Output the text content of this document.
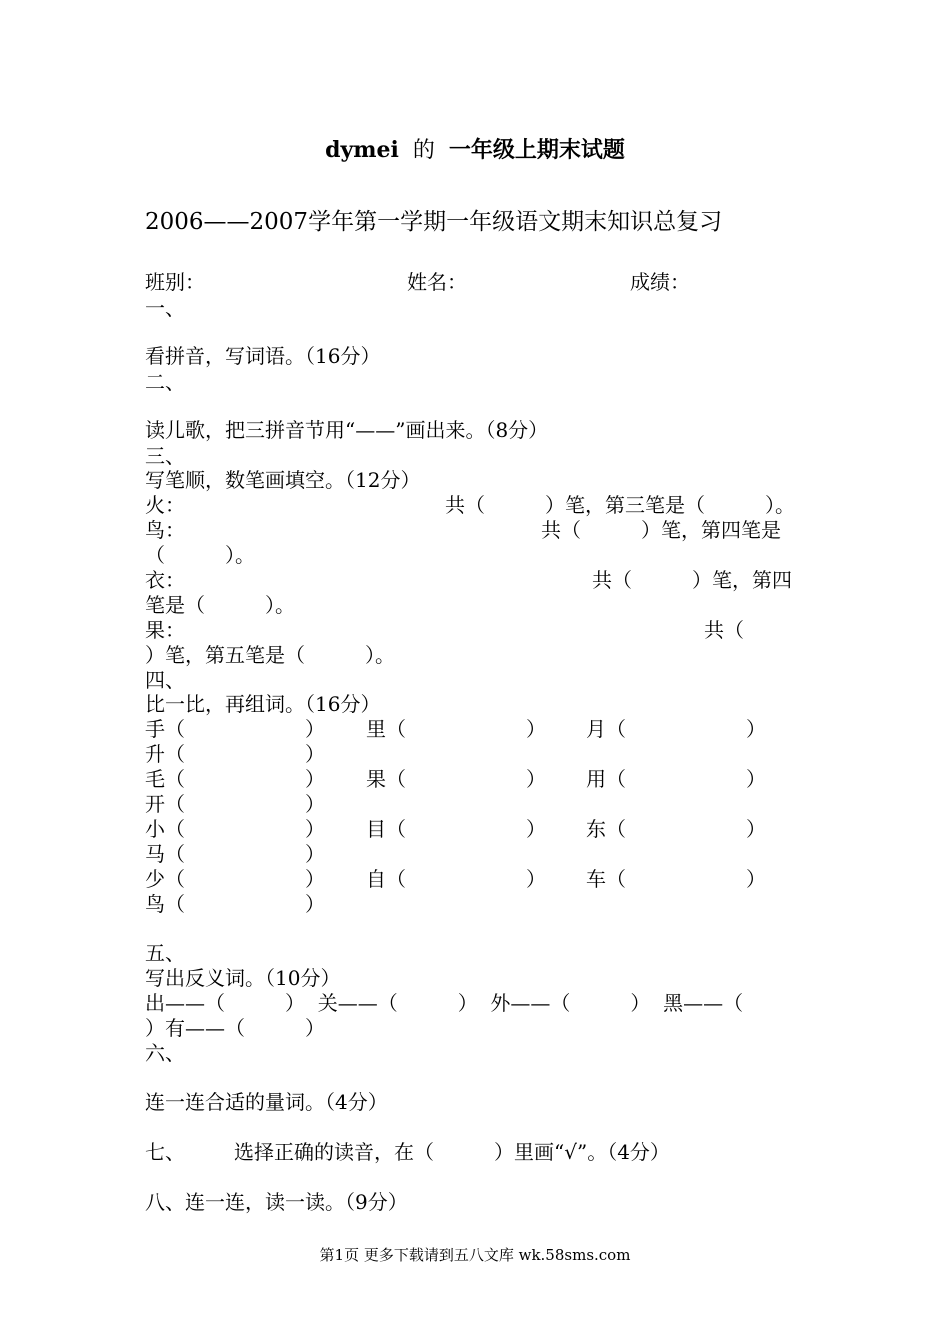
dymei 的 一年级上期末试题
2006——2007学年第一学期一年级语文期末知识总复习
班别：	姓名：	成绩：
一、
看拼音，写词语。（16分）
二、
读儿歌，把三拼音节用“——”画出来。（8分）
三、
写笔顺，数笔画填空。（12分）
火：	共（　　　）笔，第三笔是（　　　）。
鸟：	共（　　　）笔，第四笔是
（　　　）。
衣：	共（　　　）笔，第四
笔是（　　　）。
果：	共（
）笔，第五笔是（　　　）。
四、
比一比，再组词。（16分）
手（　　　　　　） 里（　　　　　　） 月（　　　　　　）
升（　　　　　　）
毛（　　　　　　） 果（　　　　　　） 用（　　　　　　）
开（　　　　　　）
小（　　　　　　） 目（　　　　　　） 东（　　　　　　）
马（　　　　　　）
少（　　　　　　） 自（　　　　　　） 车（　　　　　　）
鸟（　　　　　　）
五、
写出反义词。（10分）
出——（　　　）  关——（　　　）  外——（　　　）  黑——（
）有——（　　　）
六、
连一连合适的量词。（4分）
七、 选择正确的读音，在（　　　）里画“√”。（4分）
八、连一连，读一读。（9分）
第1页 更多下载请到五八文库 wk.58sms.com
